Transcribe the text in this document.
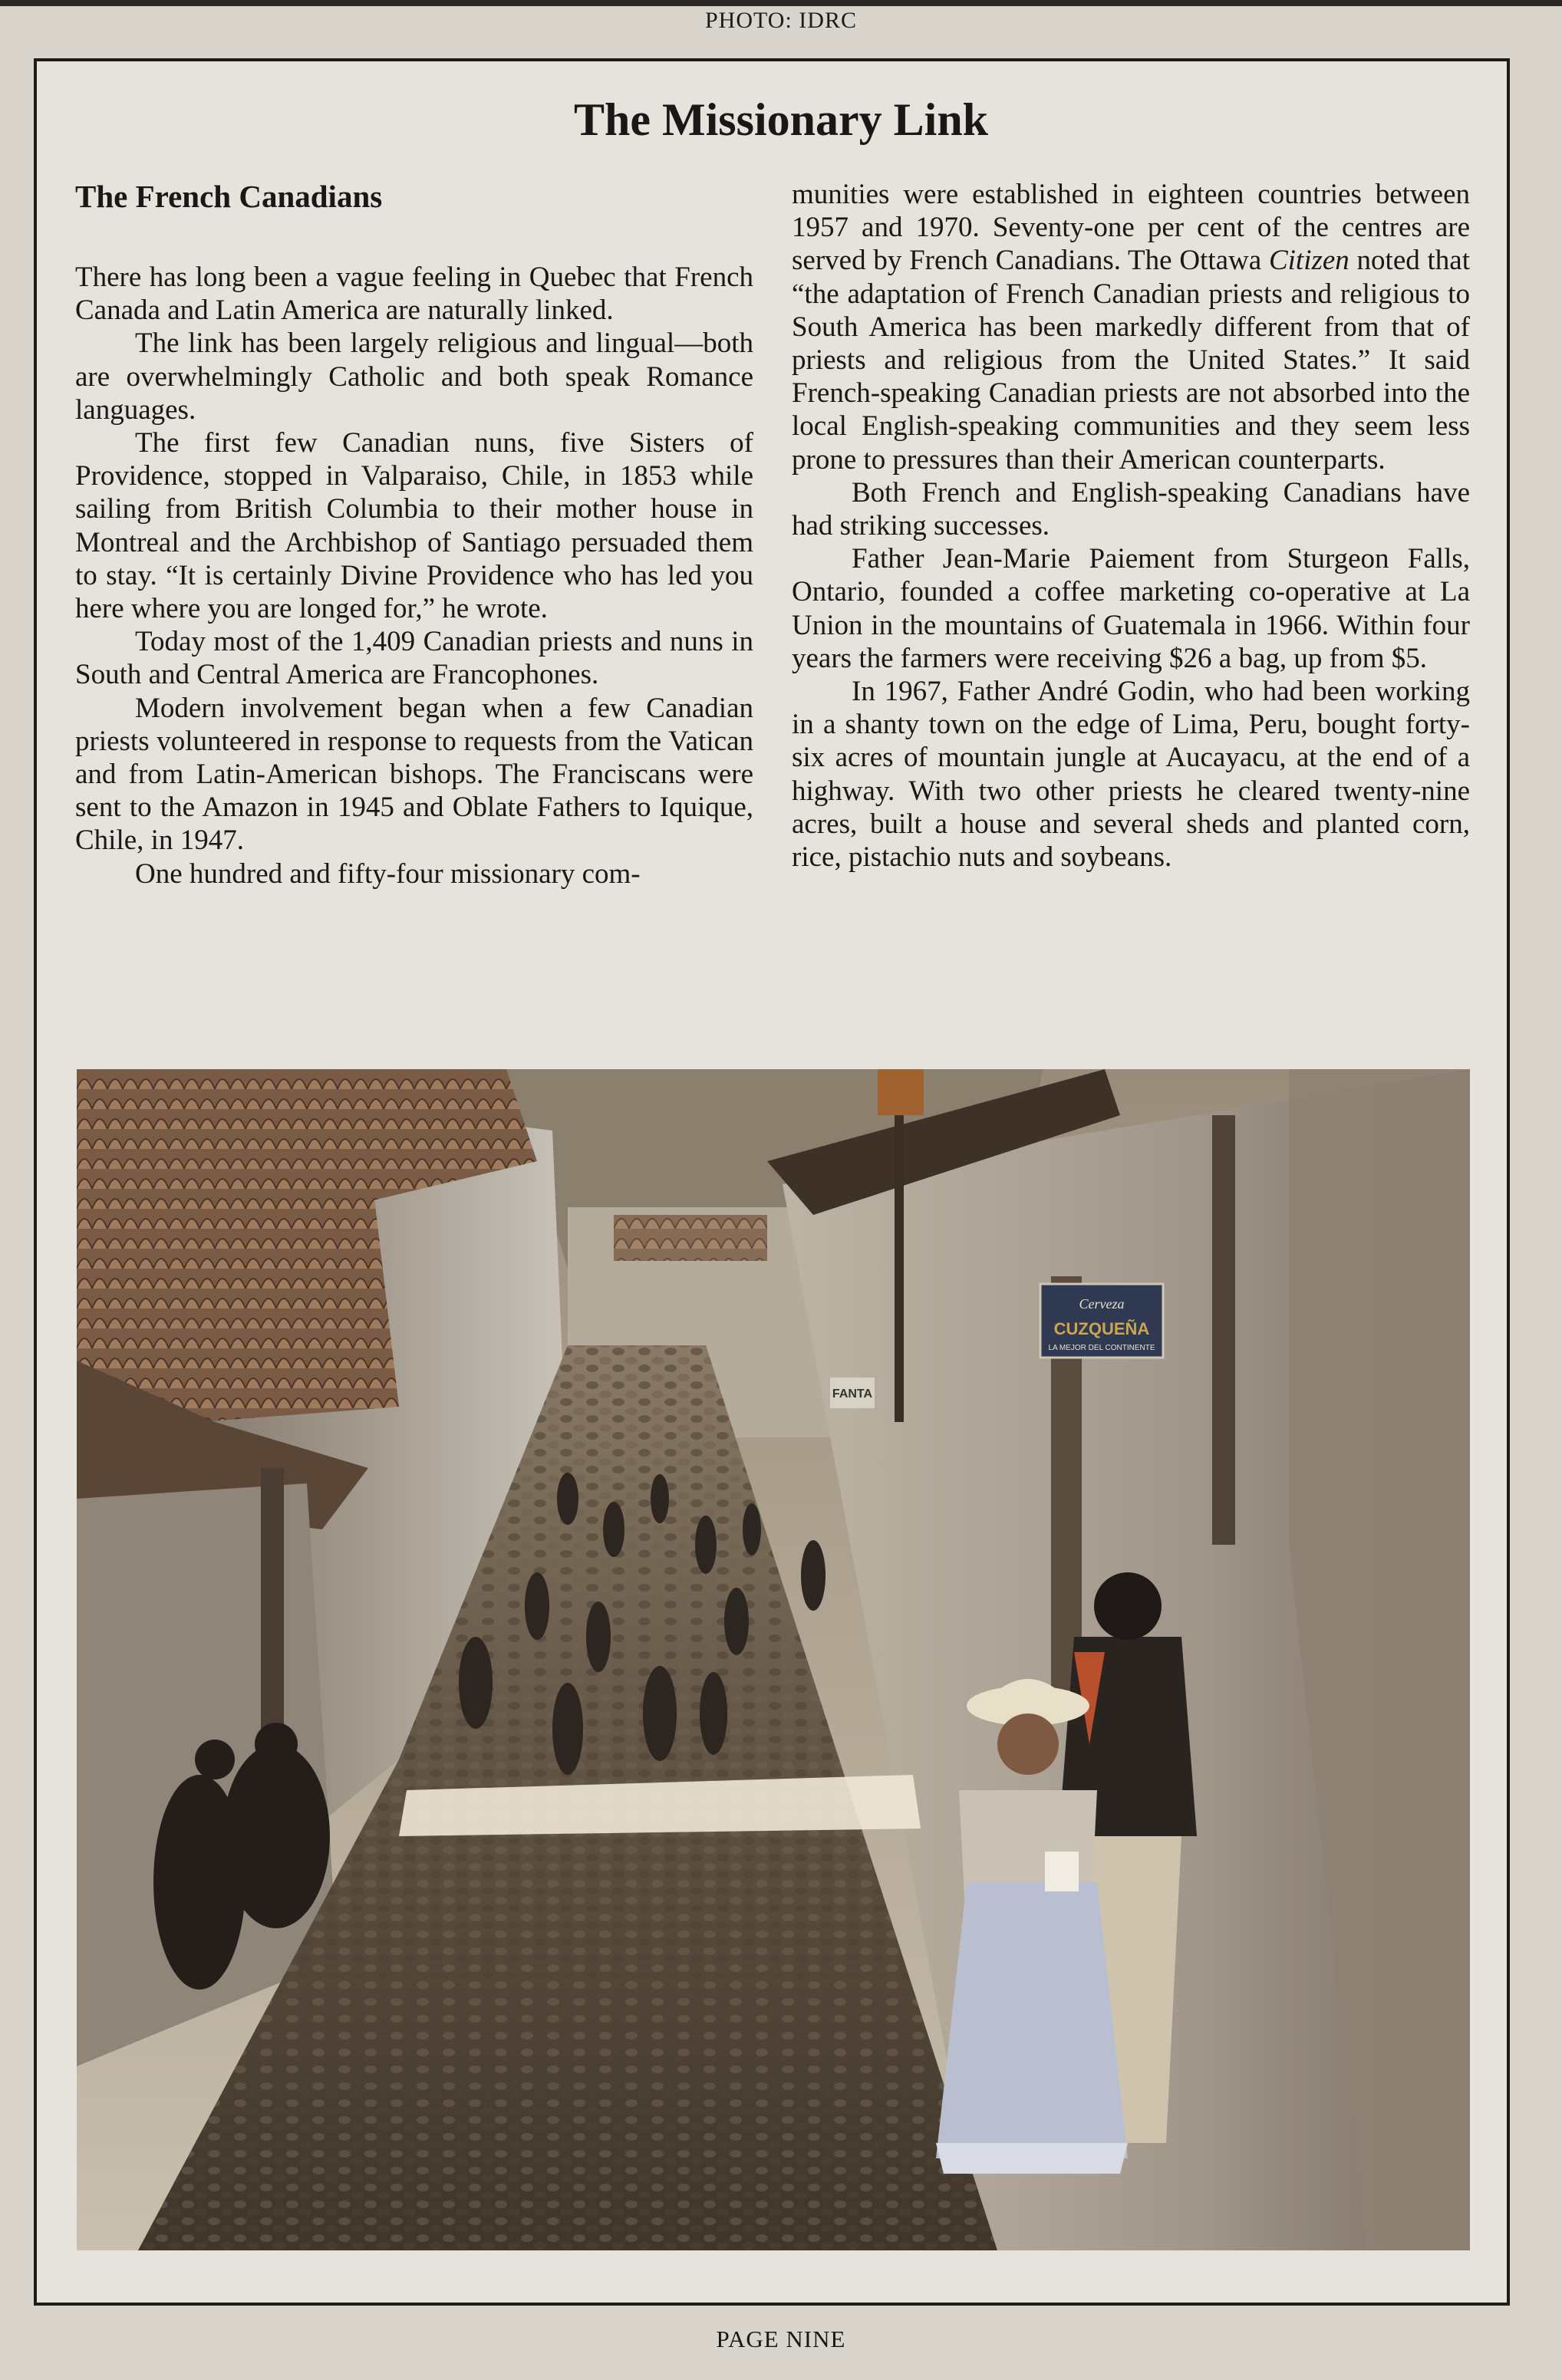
PHOTO: IDRC
The Missionary Link
The French Canadians

There has long been a vague feeling in Quebec that French Canada and Latin America are naturally linked.

The link has been largely religious and lingual—both are overwhelmingly Catholic and both speak Romance languages.

The first few Canadian nuns, five Sisters of Providence, stopped in Valparaiso, Chile, in 1853 while sailing from British Columbia to their mother house in Montreal and the Archbishop of Santiago persuaded them to stay. “It is certainly Divine Providence who has led you here where you are longed for,” he wrote.

Today most of the 1,409 Canadian priests and nuns in South and Central America are Francophones.

Modern involvement began when a few Canadian priests volunteered in response to requests from the Vatican and from Latin-American bishops. The Franciscans were sent to the Amazon in 1945 and Oblate Fathers to Iquique, Chile, in 1947.

One hundred and fifty-four missionary com-

munities were established in eighteen countries between 1957 and 1970. Seventy-one per cent of the centres are served by French Canadians. The Ottawa Citizen noted that “the adaptation of French Canadian priests and religious to South America has been markedly different from that of priests and religious from the United States.” It said French-speaking Canadian priests are not absorbed into the local English-speaking communities and they seem less prone to pressures than their American counterparts.

Both French and English-speaking Canadians have had striking successes.

Father Jean-Marie Paiement from Sturgeon Falls, Ontario, founded a coffee marketing co-operative at La Union in the mountains of Guatemala in 1966. Within four years the farmers were receiving $26 a bag, up from $5.

In 1967, Father André Godin, who had been working in a shanty town on the edge of Lima, Peru, bought forty-six acres of mountain jungle at Aucayacu, at the end of a highway. With two other priests he cleared twenty-nine acres, built a house and several sheds and planted corn, rice, pistachio nuts and soybeans.

Cerveza
CUZQUEÑA
LA MEJOR DEL CONTINENTE
FANTA
PAGE NINE
